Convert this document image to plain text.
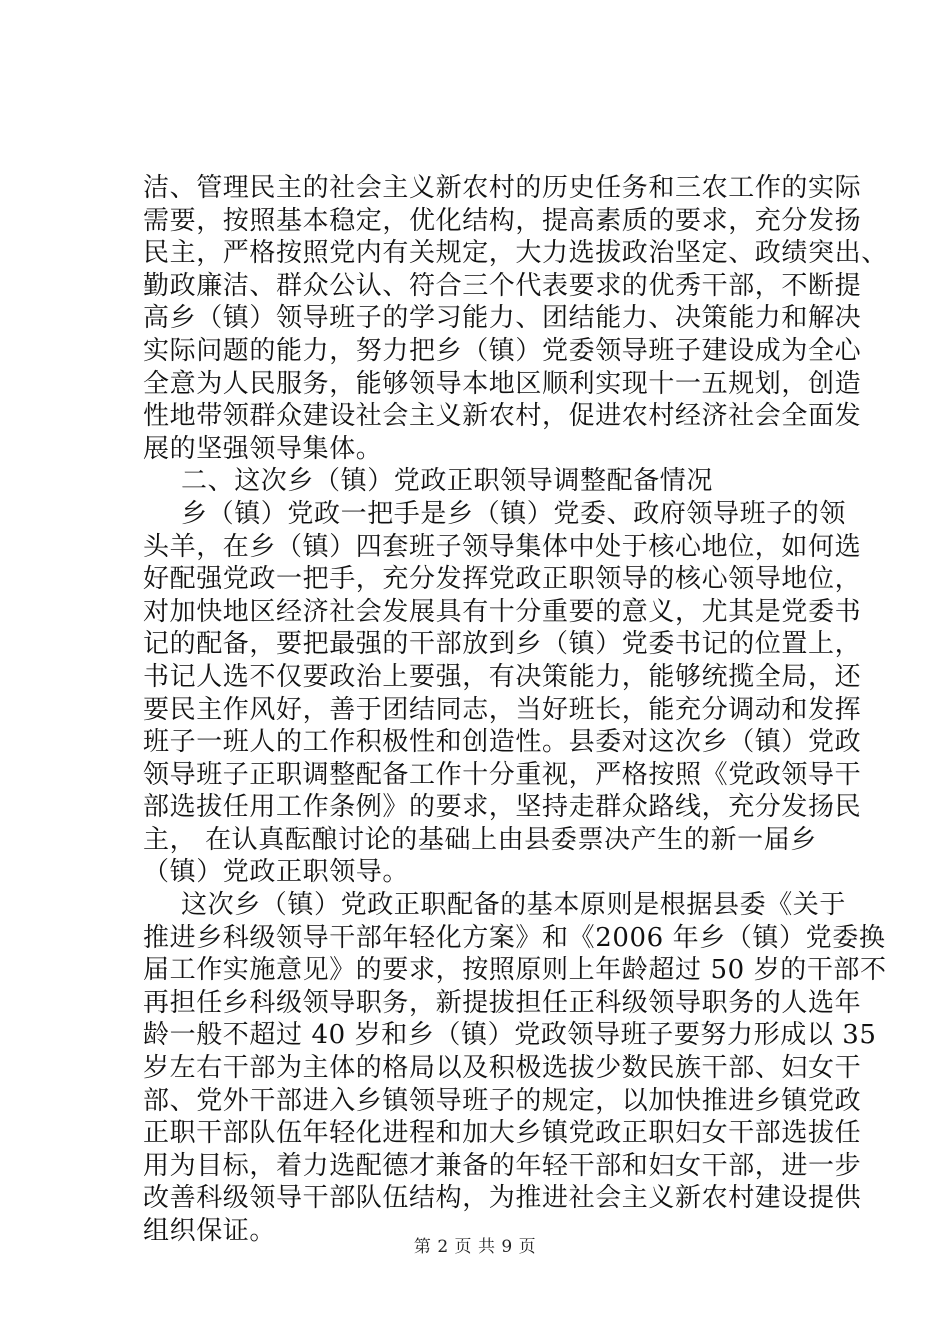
洁、管理民主的社会主义新农村的历史任务和三农工作的实际
需要，按照基本稳定，优化结构，提高素质的要求，充分发扬
民主，严格按照党内有关规定，大力选拔政治坚定、政绩突出、
勤政廉洁、群众公认、符合三个代表要求的优秀干部，不断提
高乡（镇）领导班子的学习能力、团结能力、决策能力和解决
实际问题的能力，努力把乡（镇）党委领导班子建设成为全心
全意为人民服务，能够领导本地区顺利实现十一五规划，创造
性地带领群众建设社会主义新农村，促进农村经济社会全面发
展的坚强领导集体。
二、这次乡（镇）党政正职领导调整配备情况
乡（镇）党政一把手是乡（镇）党委、政府领导班子的领
头羊，在乡（镇）四套班子领导集体中处于核心地位，如何选
好配强党政一把手，充分发挥党政正职领导的核心领导地位，
对加快地区经济社会发展具有十分重要的意义，尤其是党委书
记的配备，要把最强的干部放到乡（镇）党委书记的位置上，
书记人选不仅要政治上要强，有决策能力，能够统揽全局，还
要民主作风好，善于团结同志，当好班长，能充分调动和发挥
班子一班人的工作积极性和创造性。县委对这次乡（镇）党政
领导班子正职调整配备工作十分重视，严格按照《党政领导干
部选拔任用工作条例》的要求，坚持走群众路线，充分发扬民
主， 在认真酝酿讨论的基础上由县委票决产生的新一届乡
（镇）党政正职领导。
这次乡（镇）党政正职配备的基本原则是根据县委《关于
推进乡科级领导干部年轻化方案》和《2006 年乡（镇）党委换
届工作实施意见》的要求，按照原则上年龄超过 50 岁的干部不
再担任乡科级领导职务，新提拔担任正科级领导职务的人选年
龄一般不超过 40 岁和乡（镇）党政领导班子要努力形成以 35
岁左右干部为主体的格局以及积极选拔少数民族干部、妇女干
部、党外干部进入乡镇领导班子的规定，以加快推进乡镇党政
正职干部队伍年轻化进程和加大乡镇党政正职妇女干部选拔任
用为目标，着力选配德才兼备的年轻干部和妇女干部，进一步
改善科级领导干部队伍结构，为推进社会主义新农村建设提供
组织保证。
第 2 页 共 9 页
